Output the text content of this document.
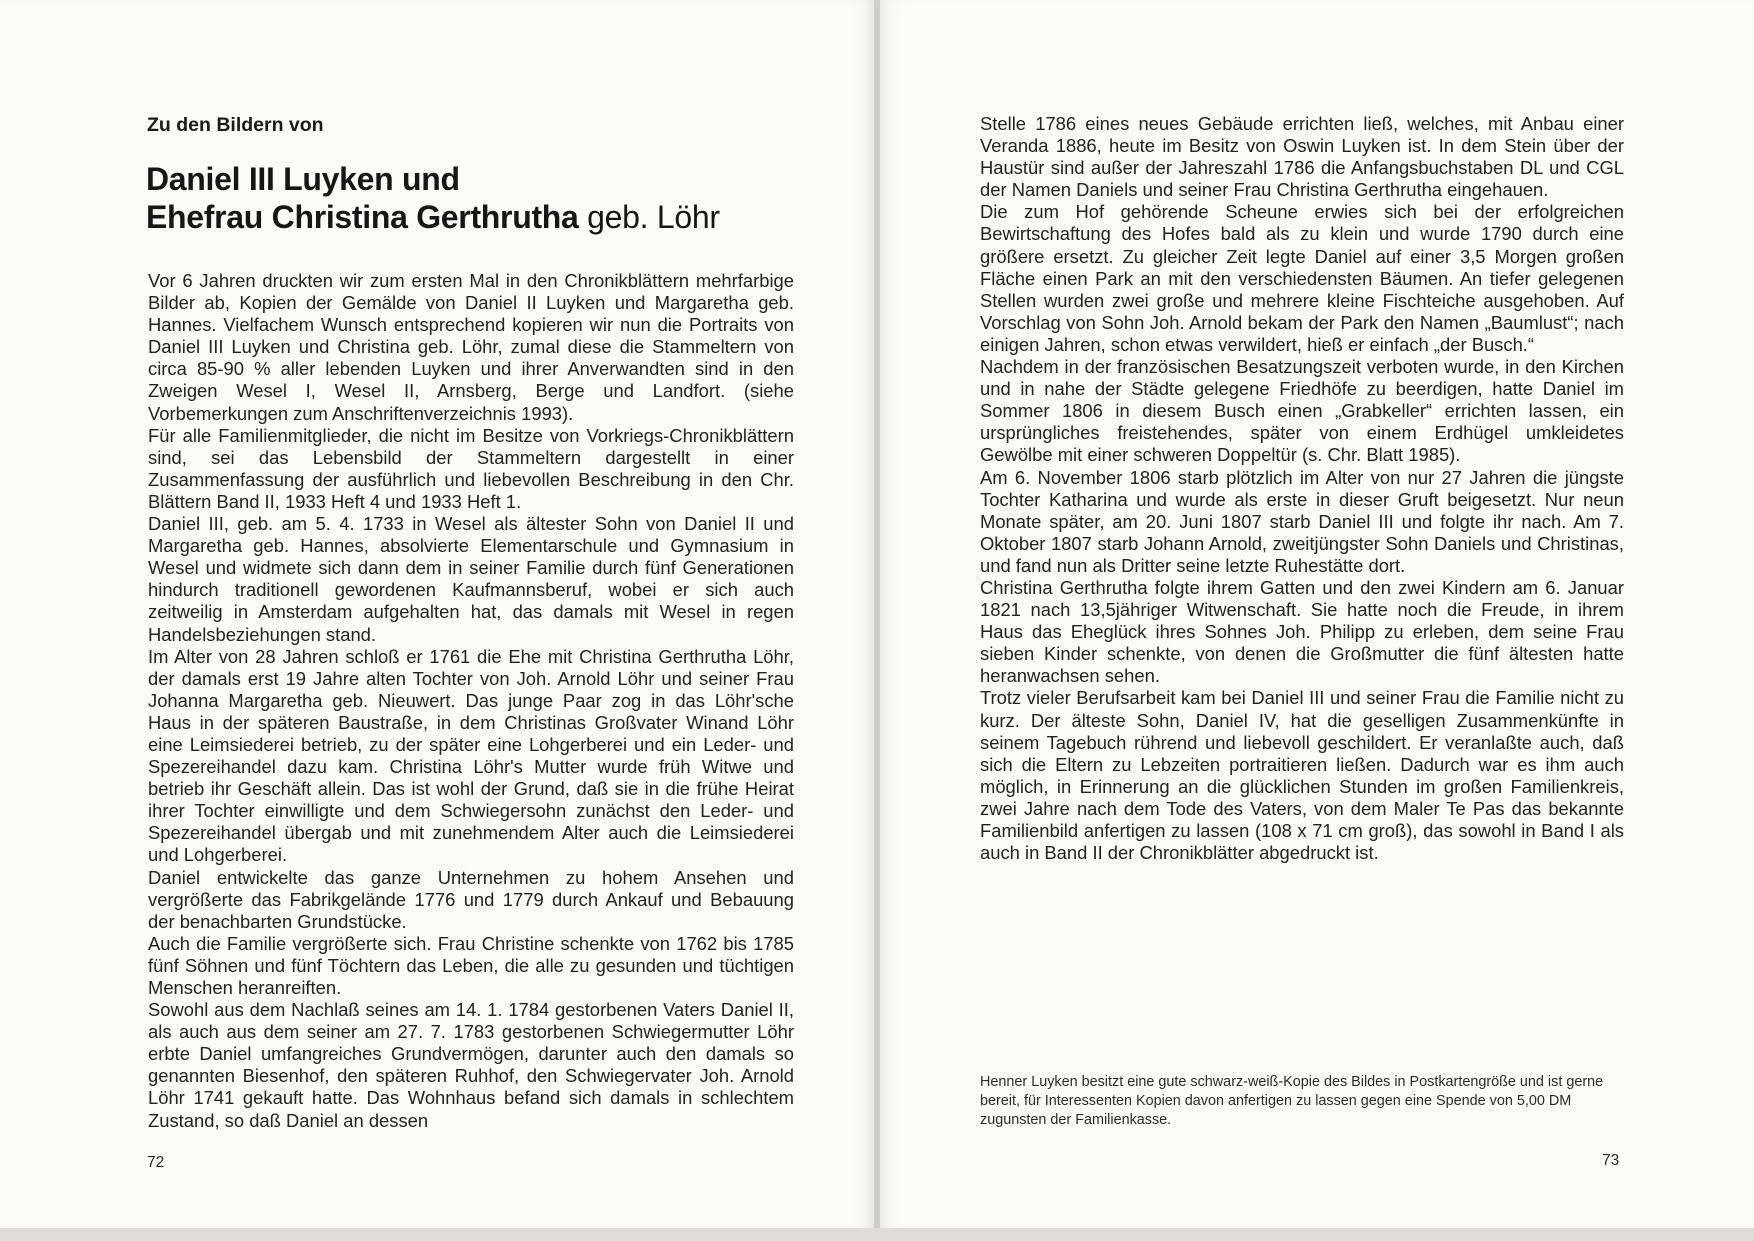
Zu den Bildern von
Daniel III Luyken und
Ehefrau Christina Gerthrutha geb. Löhr

Vor 6 Jahren druckten wir zum ersten Mal in den Chronikblättern mehrfarbige Bilder ab, Kopien der Gemälde von Daniel II Luyken und Margaretha geb. Hannes. Vielfachem Wunsch entsprechend kopieren wir nun die Portraits von Daniel III Luyken und Christina geb. Löhr, zumal diese die Stammeltern von circa 85-90 % aller lebenden Luyken und ihrer Anverwandten sind in den Zweigen Wesel I, Wesel II, Arnsberg, Berge und Landfort. (siehe Vorbemerkungen zum Anschriftenverzeichnis 1993).

Für alle Familienmitglieder, die nicht im Besitze von Vorkriegs-Chronikblättern sind, sei das Lebensbild der Stammeltern dargestellt in einer Zusammenfassung der ausführlich und liebevollen Beschreibung in den Chr. Blättern Band II, 1933 Heft 4 und 1933 Heft 1.

Daniel III, geb. am 5. 4. 1733 in Wesel als ältester Sohn von Daniel II und Margaretha geb. Hannes, absolvierte Elementarschule und Gymnasium in Wesel und widmete sich dann dem in seiner Familie durch fünf Generationen hindurch traditionell gewordenen Kaufmannsberuf, wobei er sich auch zeitweilig in Amsterdam aufgehalten hat, das damals mit Wesel in regen Handelsbeziehungen stand.

Im Alter von 28 Jahren schloß er 1761 die Ehe mit Christina Gerthrutha Löhr, der damals erst 19 Jahre alten Tochter von Joh. Arnold Löhr und seiner Frau Johanna Margaretha geb. Nieuwert. Das junge Paar zog in das Löhr'sche Haus in der späteren Baustraße, in dem Christinas Großvater Winand Löhr eine Leimsiederei betrieb, zu der später eine Lohgerberei und ein Leder- und Spezereihandel dazu kam. Christina Löhr's Mutter wurde früh Witwe und betrieb ihr Geschäft allein. Das ist wohl der Grund, daß sie in die frühe Heirat ihrer Tochter einwilligte und dem Schwiegersohn zunächst den Leder- und Spezereihandel übergab und mit zunehmendem Alter auch die Leimsiederei und Lohgerberei.

Daniel entwickelte das ganze Unternehmen zu hohem Ansehen und vergrößerte das Fabrikgelände 1776 und 1779 durch Ankauf und Bebauung der benachbarten Grundstücke.

Auch die Familie vergrößerte sich. Frau Christine schenkte von 1762 bis 1785 fünf Söhnen und fünf Töchtern das Leben, die alle zu gesunden und tüchtigen Menschen heranreiften.

Sowohl aus dem Nachlaß seines am 14. 1. 1784 gestorbenen Vaters Daniel II, als auch aus dem seiner am 27. 7. 1783 gestorbenen Schwiegermutter Löhr erbte Daniel umfangreiches Grundvermögen, darunter auch den damals so genannten Biesenhof, den späteren Ruhhof, den Schwiegervater Joh. Arnold Löhr 1741 gekauft hatte. Das Wohnhaus befand sich damals in schlechtem Zustand, so daß Daniel an dessen

Stelle 1786 eines neues Gebäude errichten ließ, welches, mit Anbau einer Veranda 1886, heute im Besitz von Oswin Luyken ist. In dem Stein über der Haustür sind außer der Jahreszahl 1786 die Anfangsbuchstaben DL und CGL der Namen Daniels und seiner Frau Christina Gerthrutha eingehauen.

Die zum Hof gehörende Scheune erwies sich bei der erfolgreichen Bewirtschaftung des Hofes bald als zu klein und wurde 1790 durch eine größere ersetzt. Zu gleicher Zeit legte Daniel auf einer 3,5 Morgen großen Fläche einen Park an mit den verschiedensten Bäumen. An tiefer gelegenen Stellen wurden zwei große und mehrere kleine Fischteiche ausgehoben. Auf Vorschlag von Sohn Joh. Arnold bekam der Park den Namen „Baumlust“; nach einigen Jahren, schon etwas verwildert, hieß er einfach „der Busch.“

Nachdem in der französischen Besatzungszeit verboten wurde, in den Kirchen und in nahe der Städte gelegene Friedhöfe zu beerdigen, hatte Daniel im Sommer 1806 in diesem Busch einen „Grabkeller“ errichten lassen, ein ursprüngliches freistehendes, später von einem Erdhügel umkleidetes Gewölbe mit einer schweren Doppeltür (s. Chr. Blatt 1985).

Am 6. November 1806 starb plötzlich im Alter von nur 27 Jahren die jüngste Tochter Katharina und wurde als erste in dieser Gruft beigesetzt. Nur neun Monate später, am 20. Juni 1807 starb Daniel III und folgte ihr nach. Am 7. Oktober 1807 starb Johann Arnold, zweitjüngster Sohn Daniels und Christinas, und fand nun als Dritter seine letzte Ruhestätte dort.

Christina Gerthrutha folgte ihrem Gatten und den zwei Kindern am 6. Januar 1821 nach 13,5jähriger Witwenschaft. Sie hatte noch die Freude, in ihrem Haus das Eheglück ihres Sohnes Joh. Philipp zu erleben, dem seine Frau sieben Kinder schenkte, von denen die Großmutter die fünf ältesten hatte heranwachsen sehen.

Trotz vieler Berufsarbeit kam bei Daniel III und seiner Frau die Familie nicht zu kurz. Der älteste Sohn, Daniel IV, hat die geselligen Zusammenkünfte in seinem Tagebuch rührend und liebevoll geschildert. Er veranlaßte auch, daß sich die Eltern zu Lebzeiten portraitieren ließen. Dadurch war es ihm auch möglich, in Erinnerung an die glücklichen Stunden im großen Familienkreis, zwei Jahre nach dem Tode des Vaters, von dem Maler Te Pas das bekannte Familienbild anfertigen zu lassen (108 x 71 cm groß), das sowohl in Band I als auch in Band II der Chronikblätter abgedruckt ist.

Henner Luyken besitzt eine gute schwarz-weiß-Kopie des Bildes in Postkartengröße und ist gerne bereit, für Interessenten Kopien davon anfertigen zu lassen gegen eine Spende von 5,00 DM zugunsten der Familienkasse.
72	73
